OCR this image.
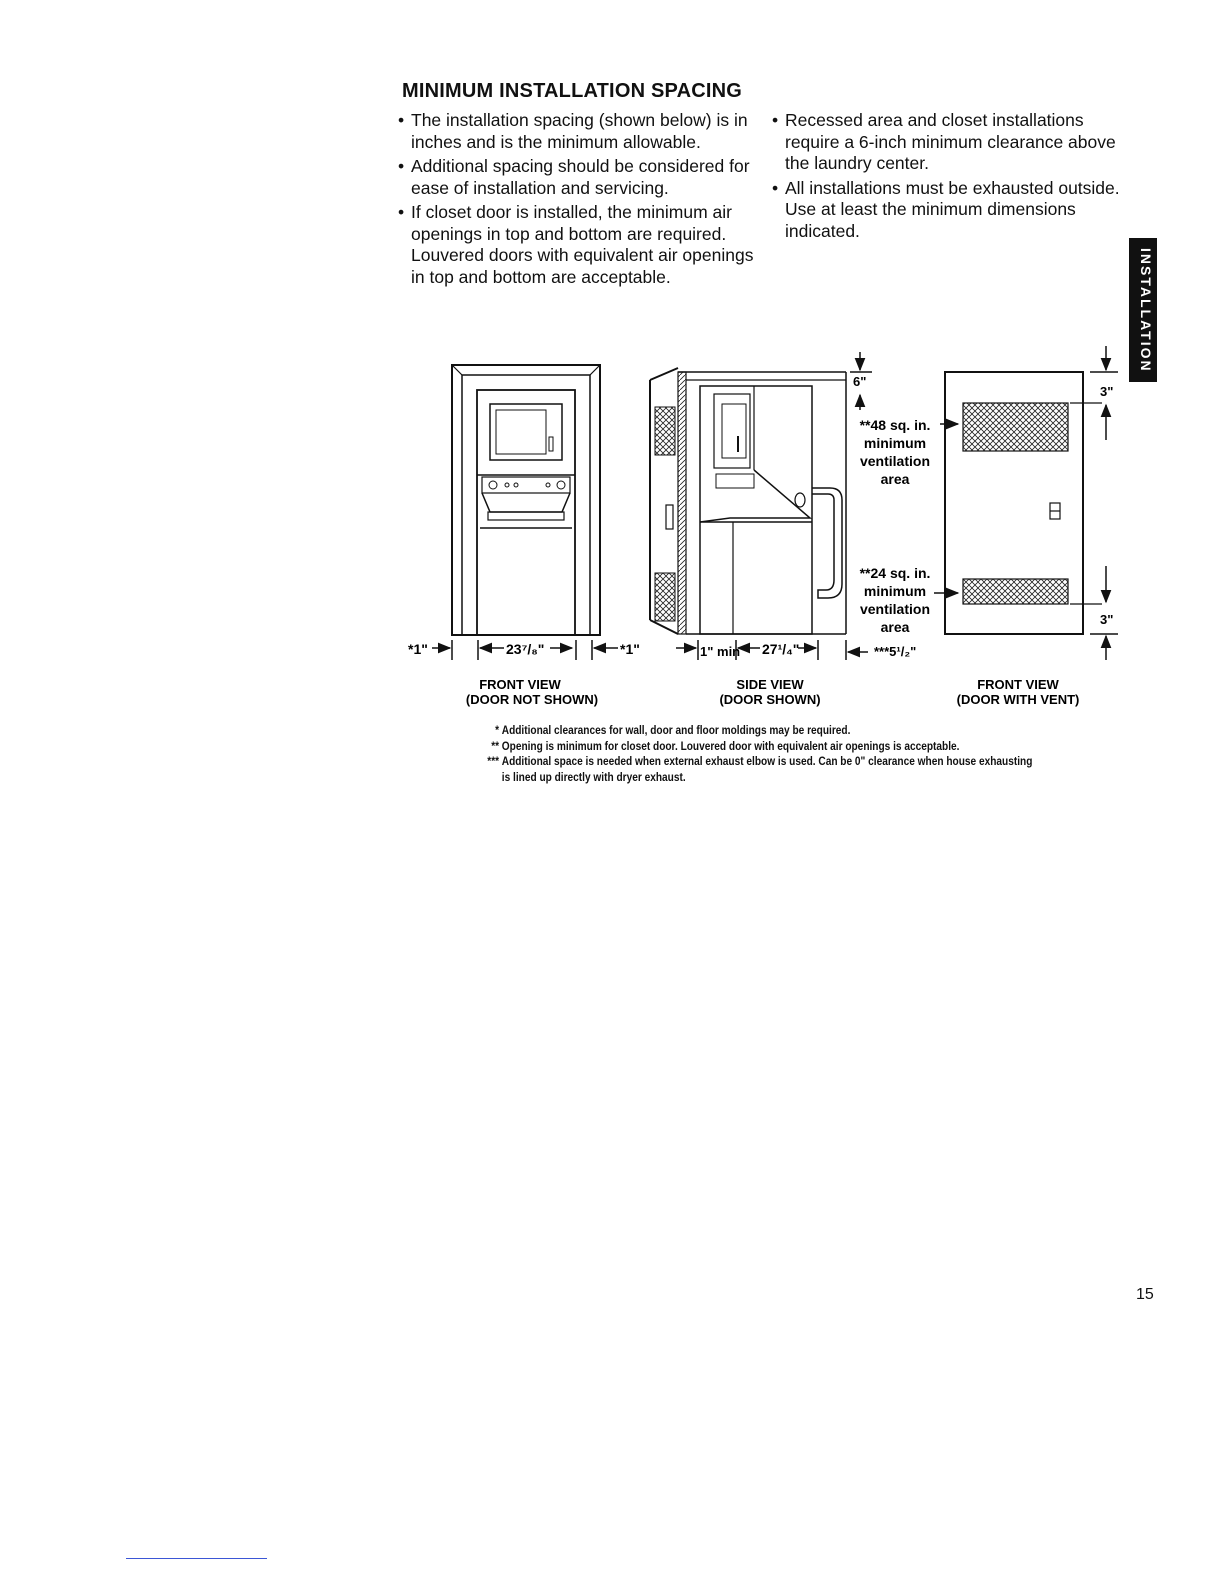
MINIMUM INSTALLATION SPACING
• The installation spacing (shown below) is in inches and is the minimum allowable.
• Additional spacing should be considered for ease of installation and servicing.
• If closet door is installed, the minimum air openings in top and bottom are required. Louvered doors with equivalent air openings in top and bottom are acceptable.
• Recessed area and closet installations require a 6-inch minimum clearance above the laundry center.
• All installations must be exhausted outside. Use at least the minimum dimensions indicated.
*1"	23⁷/₈"	*1"	1" min 27¹/₄"	***5¹/₂"
6"
3"
3"
**48 sq. in.
minimum
ventilation
area
**24 sq. in.
minimum
ventilation
area
FRONT VIEW
(DOOR NOT SHOWN)
SIDE VIEW
(DOOR SHOWN)
FRONT VIEW
(DOOR WITH VENT)
* Additional clearances for wall, door and floor moldings may be required.
** Opening is minimum for closet door. Louvered door with equivalent air openings is acceptable.
*** Additional space is needed when external exhaust elbow is used. Can be 0" clearance when house exhausting is lined up directly with dryer exhaust.
INSTALLATION
15
